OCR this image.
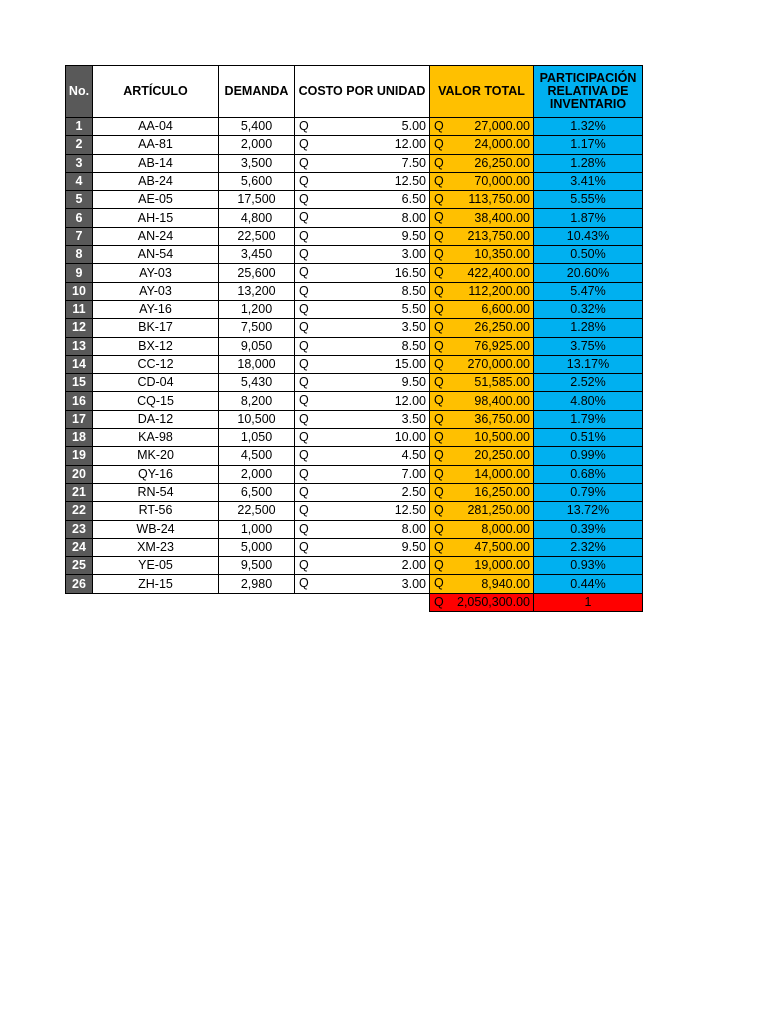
No.	ARTÍCULO	DEMANDA	COSTO POR UNIDAD	VALOR TOTAL	PARTICIPACIÓN RELATIVA DE INVENTARIO
1	AA-04	5,400	Q 5.00	Q 27,000.00	1.32%
2	AA-81	2,000	Q 12.00	Q 24,000.00	1.17%
3	AB-14	3,500	Q 7.50	Q 26,250.00	1.28%
4	AB-24	5,600	Q 12.50	Q 70,000.00	3.41%
5	AE-05	17,500	Q 6.50	Q 113,750.00	5.55%
6	AH-15	4,800	Q 8.00	Q 38,400.00	1.87%
7	AN-24	22,500	Q 9.50	Q 213,750.00	10.43%
8	AN-54	3,450	Q 3.00	Q 10,350.00	0.50%
9	AY-03	25,600	Q 16.50	Q 422,400.00	20.60%
10	AY-03	13,200	Q 8.50	Q 112,200.00	5.47%
11	AY-16	1,200	Q 5.50	Q 6,600.00	0.32%
12	BK-17	7,500	Q 3.50	Q 26,250.00	1.28%
13	BX-12	9,050	Q 8.50	Q 76,925.00	3.75%
14	CC-12	18,000	Q 15.00	Q 270,000.00	13.17%
15	CD-04	5,430	Q 9.50	Q 51,585.00	2.52%
16	CQ-15	8,200	Q 12.00	Q 98,400.00	4.80%
17	DA-12	10,500	Q 3.50	Q 36,750.00	1.79%
18	KA-98	1,050	Q 10.00	Q 10,500.00	0.51%
19	MK-20	4,500	Q 4.50	Q 20,250.00	0.99%
20	QY-16	2,000	Q 7.00	Q 14,000.00	0.68%
21	RN-54	6,500	Q 2.50	Q 16,250.00	0.79%
22	RT-56	22,500	Q 12.50	Q 281,250.00	13.72%
23	WB-24	1,000	Q 8.00	Q 8,000.00	0.39%
24	XM-23	5,000	Q 9.50	Q 47,500.00	2.32%
25	YE-05	9,500	Q 2.00	Q 19,000.00	0.93%
26	ZH-15	2,980	Q 3.00	Q 8,940.00	0.44%

				Q 2,050,300.00	1
